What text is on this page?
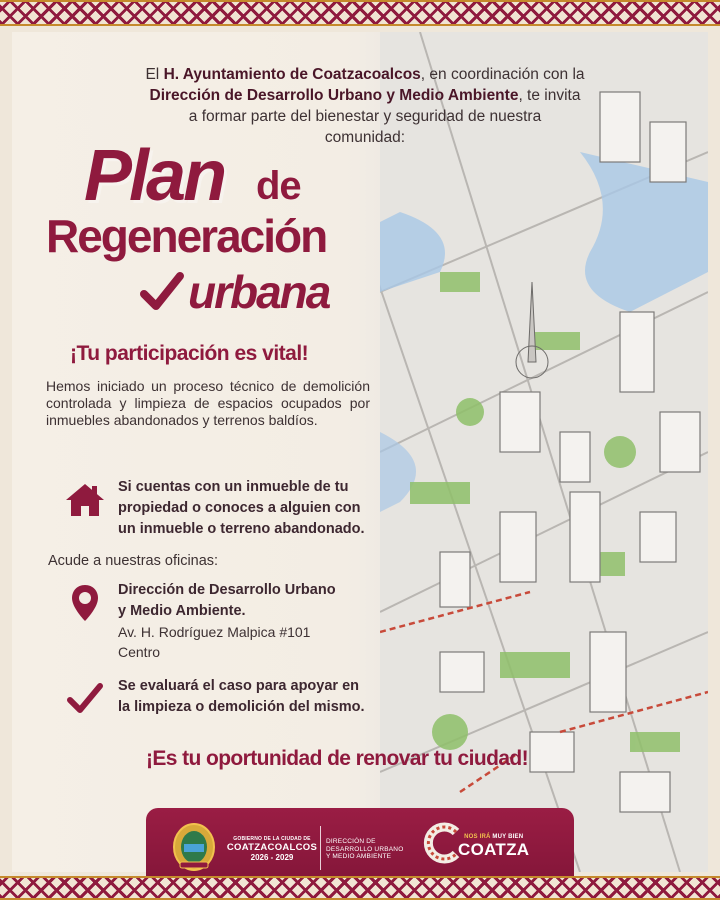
El H. Ayuntamiento de Coatzacoalcos, en coordinación con la
Dirección de Desarrollo Urbano y Medio Ambiente, te invita
a formar parte del bienestar y seguridad de nuestra
comunidad:
Plan de
Regeneración
urbana
¡Tu participación es vital!
Hemos iniciado un proceso técnico de demolición controlada y limpieza de espacios ocupados por inmuebles abandonados y terrenos baldíos.
Si cuentas con un inmueble de tu propiedad o conoces a alguien con un inmueble o terreno abandonado.
Acude a nuestras oficinas:
Dirección de Desarrollo Urbano
y Medio Ambiente.
Av. H. Rodríguez Malpica #101
Centro
Se evaluará el caso para apoyar en la limpieza o demolición del mismo.
¡Es tu oportunidad de renovar tu ciudad!
GOBIERNO DE LA CIUDAD DE
COATZACOALCOS
2026 - 2029
DIRECCIÓN DE
DESARROLLO URBANO
Y MEDIO AMBIENTE
NOS IRÁ MUY BIEN
COATZA
